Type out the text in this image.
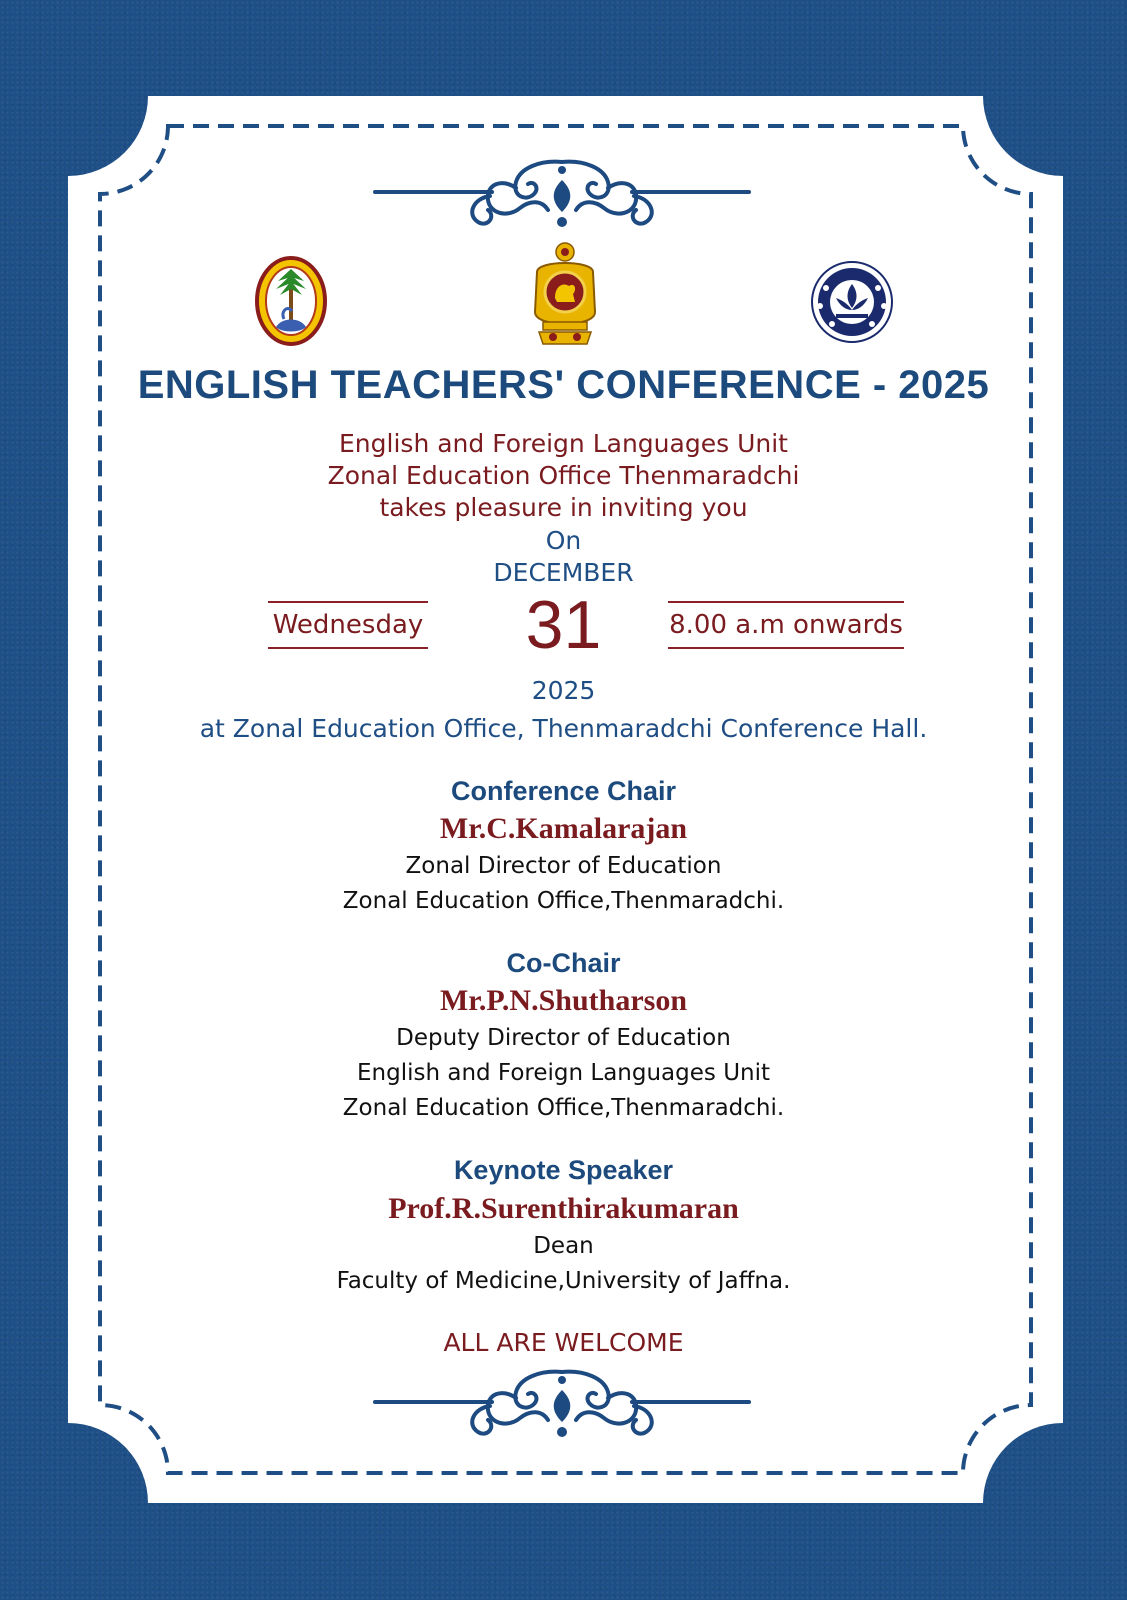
ENGLISH TEACHERS' CONFERENCE - 2025
English and Foreign Languages Unit
Zonal Education Office Thenmaradchi
takes pleasure in inviting you
On
DECEMBER
Wednesday	31	8.00 a.m onwards
2025
at Zonal Education Office, Thenmaradchi Conference Hall.
Conference Chair
Mr.C.Kamalarajan
Zonal Director of Education
Zonal Education Office,Thenmaradchi.
Co-Chair
Mr.P.N.Shutharson
Deputy Director of Education
English and Foreign Languages Unit
Zonal Education Office,Thenmaradchi.
Keynote Speaker
Prof.R.Surenthirakumaran
Dean
Faculty of Medicine,University of Jaffna.
ALL ARE WELCOME
